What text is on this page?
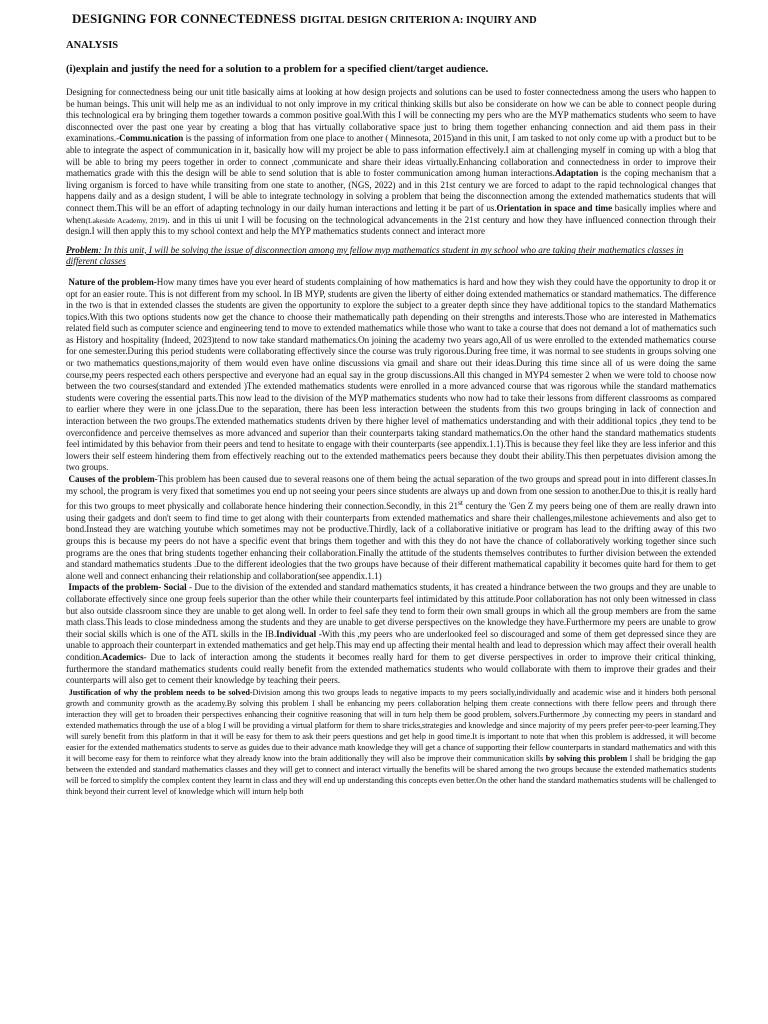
DESIGNING FOR CONNECTEDNESS DIGITAL DESIGN CRITERION A: INQUIRY AND

ANALYSIS

(i)explain and justify the need for a solution to a problem for a specified client/target audience.

Designing for connectedness being our unit title basically aims at looking at how design projects and solutions can be used to foster connectedness among the users who happen to be human beings. This unit will help me as an individual to not only improve in my critical thinking skills but also be considerate on how we can be able to connect people during this technological era by bringing them together towards a common positive goal.With this I will be connecting my pers who are the MYP mathematics students who seem to have disconnected over the past one year by creating a blog that has virtually collaborative space just to bring them together enhancing connection and aid them pass in their examinations.-Commu.nication is the passing of information from one place to another ( Minnesota, 2015)and in this unit, I am tasked to not only come up with a product but to be able to integrate the aspect of communication in it, basically how will my project be able to pass information effectively.I aim at challenging myself in coming up with a blog that will be able to bring my peers together in order to connect ,communicate and share their ideas virtually.Enhancing collaboration and connectedness in order to improve their mathematics grade with this the design will be able to send solution that is able to foster communication among human interactions.Adaptation is the coping mechanism that a living organism is forced to have while transiting from one state to another, (NGS, 2022) and in this 21st century we are forced to adapt to the rapid technological changes that happens daily and as a design student, I will be able to integrate technology in solving a problem that being the disconnection among the extended mathematics students that will connect them.This will be an effort of adapting technology in our daily human interactions and letting it be part of us.Orientation in space and time basically implies where and when(Lakeside Academy, 2019). and in this ui unit I will be focusing on the technological advancements in the 21st century and how they have influenced connection through their design.I will then apply this to my school context and help the MYP mathematics students connect and interact more

Problem: In this unit, I will be solving the issue of disconnection among my fellow myp mathematics student in my school who are taking their mathematics classes in different classes

Nature of the problem-How many times have you ever heard of students complaining of how mathematics is hard and how they wish they could have the opportunity to drop it or opt for an easier route. This is not different from my school. In IB MYP, students are given the liberty of either doing extended mathematics or standard mathematics. The difference in the two is that in extended classes the students are given the opportunity to explore the subject to a greater depth since they have additional topics to the standard Mathematics topics.With this two options students now get the chance to choose their mathematically path depending on their strengths and interests.Those who are interested in Mathematics related field such as computer science and engineering tend to move to extended mathematics while those who want to take a course that does not demand a lot of mathematics such as History and hospitality (Indeed, 2023)tend to now take standard mathematics.On joining the academy two years ago,All of us were enrolled to the extended mathematics course for one semester.During this period students were collaborating effectively since the course was truly rigorous.During free time, it was normal to see students in groups solving one or two mathematics questions,majority of them would even have online discussions via gmail and share out their ideas.During this time since all of us were doing the same course,my peers respected each others perspective and everyone had an equal say in the group discussions.All this changed in MYP4 semester 2 when we were told to choose now between the two courses(standard and extended )The extended mathematics students were enrolled in a more advanced course that was rigorous while the standard mathematics students were covering the essential parts.This now lead to the division of the MYP mathematics students who now had to take their lessons from different classrooms as compared to earlier where they were in one jclass.Due to the separation, there has been less interaction between the students from this two groups bringing in lack of connection and interaction between the two groups.The extended mathematics students driven by there higher level of mathematics understanding and with their additional topics ,they tend to be overconfidence and perceive themselves as more advanced and superior than their counterparts taking standard mathematics.On the other hand the standard mathematics students feel intimidated by this behavior from their peers and tend to hesitate to engage with their counterparts (see appendix.1.1).This is because they feel like they are less inferior and this lowers their self esteem hindering them from effectively reaching out to the extended mathematics peers because they doubt their ability.This then perpetuates division among the two groups.

Causes of the problem-This problem has been caused due to several reasons one of them being the actual separation of the two groups and spread pout in into different classes.In my school, the program is very fixed that sometimes you end up not seeing your peers since students are always up and down from one session to another.Due to this,it is really hard for this two groups to meet physically and collaborate hence hindering their connection.Secondly, in this 21st century the 'Gen Z my peers being one of them are really drawn into using their gadgets and don't seem to find time to get along with their counterparts from extended mathematics and share their challenges,milestone achievements and also get to bond.Instead they are watching youtube which sometimes may not be productive.Thirdly, lack of a collaborative initiative or program has lead to the drifting away of this two groups this is because my peers do not have a specific event that brings them together and with this they do not have the chance of collaboratively working together since such programs are the ones that bring students together enhancing their collaboration.Finally the attitude of the students themselves contributes to further division between the extended and standard mathematics students .Due to the different ideologies that the two groups have because of their different mathematical capability it becomes quite hard for them to get alone well and connect enhancing their relationship and collaboration(see appendix.1.1)

Impacts of the problem- Social - Due to the division of the extended and standard mathematics students, it has created a hindrance between the two groups and they are unable to collaborate effectively since one group feels superior than the other while their counterparts feel intimidated by this attitude.Poor collaboration has not only been witnessed in class but also outside classroom since they are unable to get along well. In order to feel safe they tend to form their own small groups in which all the group members are from the same math class.This leads to close mindedness among the students and they are unable to get diverse perspectives on the knowledge they have.Furthermore my peers are unable to grow their social skills which is one of the ATL skills in the IB.Individual -With this ,my peers who are underlooked feel so discouraged and some of them get depressed since they are unable to approach their counterpart in extended mathematics and get help.This may end up affecting their mental health and lead to depression which may affect their overall health condition.Academics- Due to lack of interaction among the students it becomes really hard for them to get diverse perspectives in order to improve their critical thinking, furthermore the standard mathematics students could really benefit from the extended mathematics students who would collaborate with them to improve their grades and their counterparts will also get to cement their knowledge by teaching their peers.

Justification of why the problem needs to be solved-Division among this two groups leads to negative impacts to my peers socially,individually and academic wise and it hinders both personal growth and community growth as the academy.By solving this problem I shall be enhancing my peers collaboration helping them create connections with there fellow peers and through there interaction they will get to broaden their perspectives enhancing their cognitive reasoning that will in turn help them be good problem, solvers.Furthermore ,by connecting my peers in standard and extended mathematics through the use of a blog I will be providing a virtual platform for them to share tricks,strategies and knowledge and since majority of my peers prefer peer-to-peer learning.They will surely benefit from this platform in that it will be easy for them to ask their peers questions and get help in good time.It is important to note that when this problem is addressed, it will become easier for the extended mathematics students to serve as guides due to their advance math knowledge they will get a chance of supporting their fellow counterparts in standard mathematics and with this it will become easy for them to reinforce what they already know into the brain additionally they will also be improve their communication skills by solving this problem I shall be bridging the gap between the extended and standard mathematics classes and they will get to connect and interact virtually the benefits will be shared among the two groups because the extended mathematics students will be forced to simplify the complex content they learnt in class and they will end up understanding this concepts even better.On the other hand the standard mathematics students will be challenged to think beyond their current level of knowledge which will inturn help both
